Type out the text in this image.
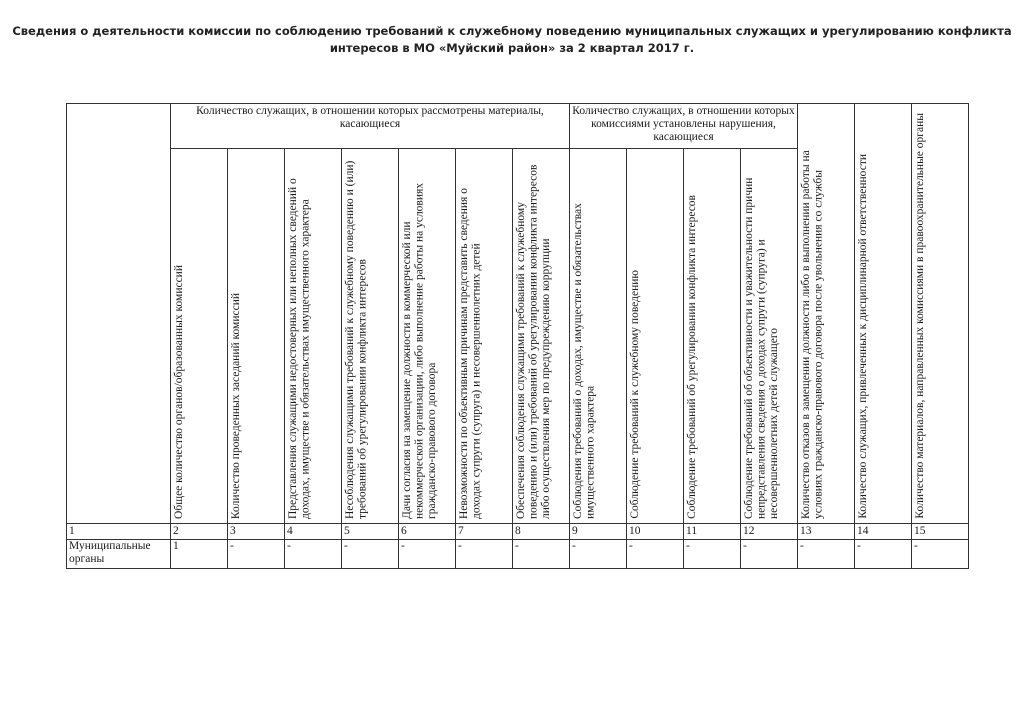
Сведения о деятельности комиссии по соблюдению требований к служебному поведению муниципальных служащих и урегулированию конфликта
интересов в МО «Муйский район» за 2 квартал 2017 г.
	Количество служащих, в отношении которых рассмотрены материалы, касающиеся							Количество служащих, в отношении которых комиссиями установлены нарушения, касающиеся				Количество отказов в замещении должности либо в выполнении работы на условиях гражданско-правового договора после увольнения со службы	Количество служащих, привлеченных к дисциплинарной ответственности	Количество материалов, направленных комиссиями в правоохранительные органы

	Общее количество органов/образованных комиссий	Количество проведенных заседаний комиссий	Представления служащими недостоверных или неполных сведений о доходах, имуществе и обязательствах имущественного характера	Несоблюдения служащими требований к служебному поведению и (или) требований об урегулировании конфликта интересов	Дачи согласия на замещение должности в коммерческой или некоммерческой организации, либо выполнение работы на условиях гражданско-правового договора	Невозможности по объективным причинам представить сведения о доходах супруги (супруга) и несовершеннолетних детей	Обеспечения соблюдения служащими требований к служебному поведению и (или) требований об урегулировании конфликта интересов либо осуществления мер по предупреждению коррупции	Соблюдения требований о доходах, имуществе и обязательствах имущественного характера	Соблюдение требований к служебному поведению	Соблюдение требований об урегулировании конфликта интересов	Соблюдение требований об объективности и уважительности причин непредставления сведения о доходах супруги (супруга) и несовершеннолетних детей служащего			

1	2	3	4	5	6	7	8	9	10	11	12	13	14	15
Муниципальные органы	1	-	-	-	-	-	-	-	-	-	-	-	-	-
